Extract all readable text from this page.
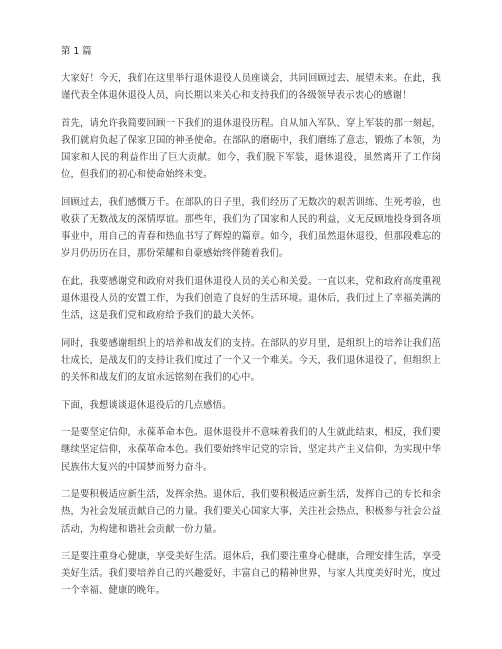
第 1 篇

大家好！今天，我们在这里举行退休退役人员座谈会，共同回顾过去、展望未来。在此，我谨代表全体退休退役人员，向长期以来关心和支持我们的各级领导表示衷心的感谢！

首先，请允许我简要回顾一下我们的退休退役历程。自从加入军队、穿上军装的那一刻起，我们就肩负起了保家卫国的神圣使命。在部队的磨砺中，我们磨练了意志，锻炼了本领，为国家和人民的利益作出了巨大贡献。如今，我们脱下军装，退休退役，虽然离开了工作岗位，但我们的初心和使命始终未变。

回顾过去，我们感慨万千。在部队的日子里，我们经历了无数次的艰苦训练、生死考验，也收获了无数战友的深情厚谊。那些年，我们为了国家和人民的利益，义无反顾地投身到各项事业中，用自己的青春和热血书写了辉煌的篇章。如今，我们虽然退休退役，但那段难忘的岁月仍历历在目，那份荣耀和自豪感始终伴随着我们。

在此，我要感谢党和政府对我们退休退役人员的关心和关爱。一直以来，党和政府高度重视退休退役人员的安置工作，为我们创造了良好的生活环境。退休后，我们过上了幸福美满的生活，这是我们党和政府给予我们的最大关怀。

同时，我要感谢组织上的培养和战友们的支持。在部队的岁月里，是组织上的培养让我们茁壮成长，是战友们的支持让我们度过了一个又一个难关。今天，我们退休退役了，但组织上的关怀和战友们的友谊永远铭刻在我们的心中。

下面，我想谈谈退休退役后的几点感悟。

一是要坚定信仰，永葆革命本色。退休退役并不意味着我们的人生就此结束，相反，我们要继续坚定信仰，永葆革命本色。我们要始终牢记党的宗旨，坚定共产主义信仰，为实现中华民族伟大复兴的中国梦而努力奋斗。

二是要积极适应新生活，发挥余热。退休后，我们要积极适应新生活，发挥自己的专长和余热，为社会发展贡献自己的力量。我们要关心国家大事，关注社会热点，积极参与社会公益活动，为构建和谐社会贡献一份力量。

三是要注重身心健康，享受美好生活。退休后，我们要注重身心健康，合理安排生活，享受美好生活。我们要培养自己的兴趣爱好，丰富自己的精神世界，与家人共度美好时光，度过一个幸福、健康的晚年。
